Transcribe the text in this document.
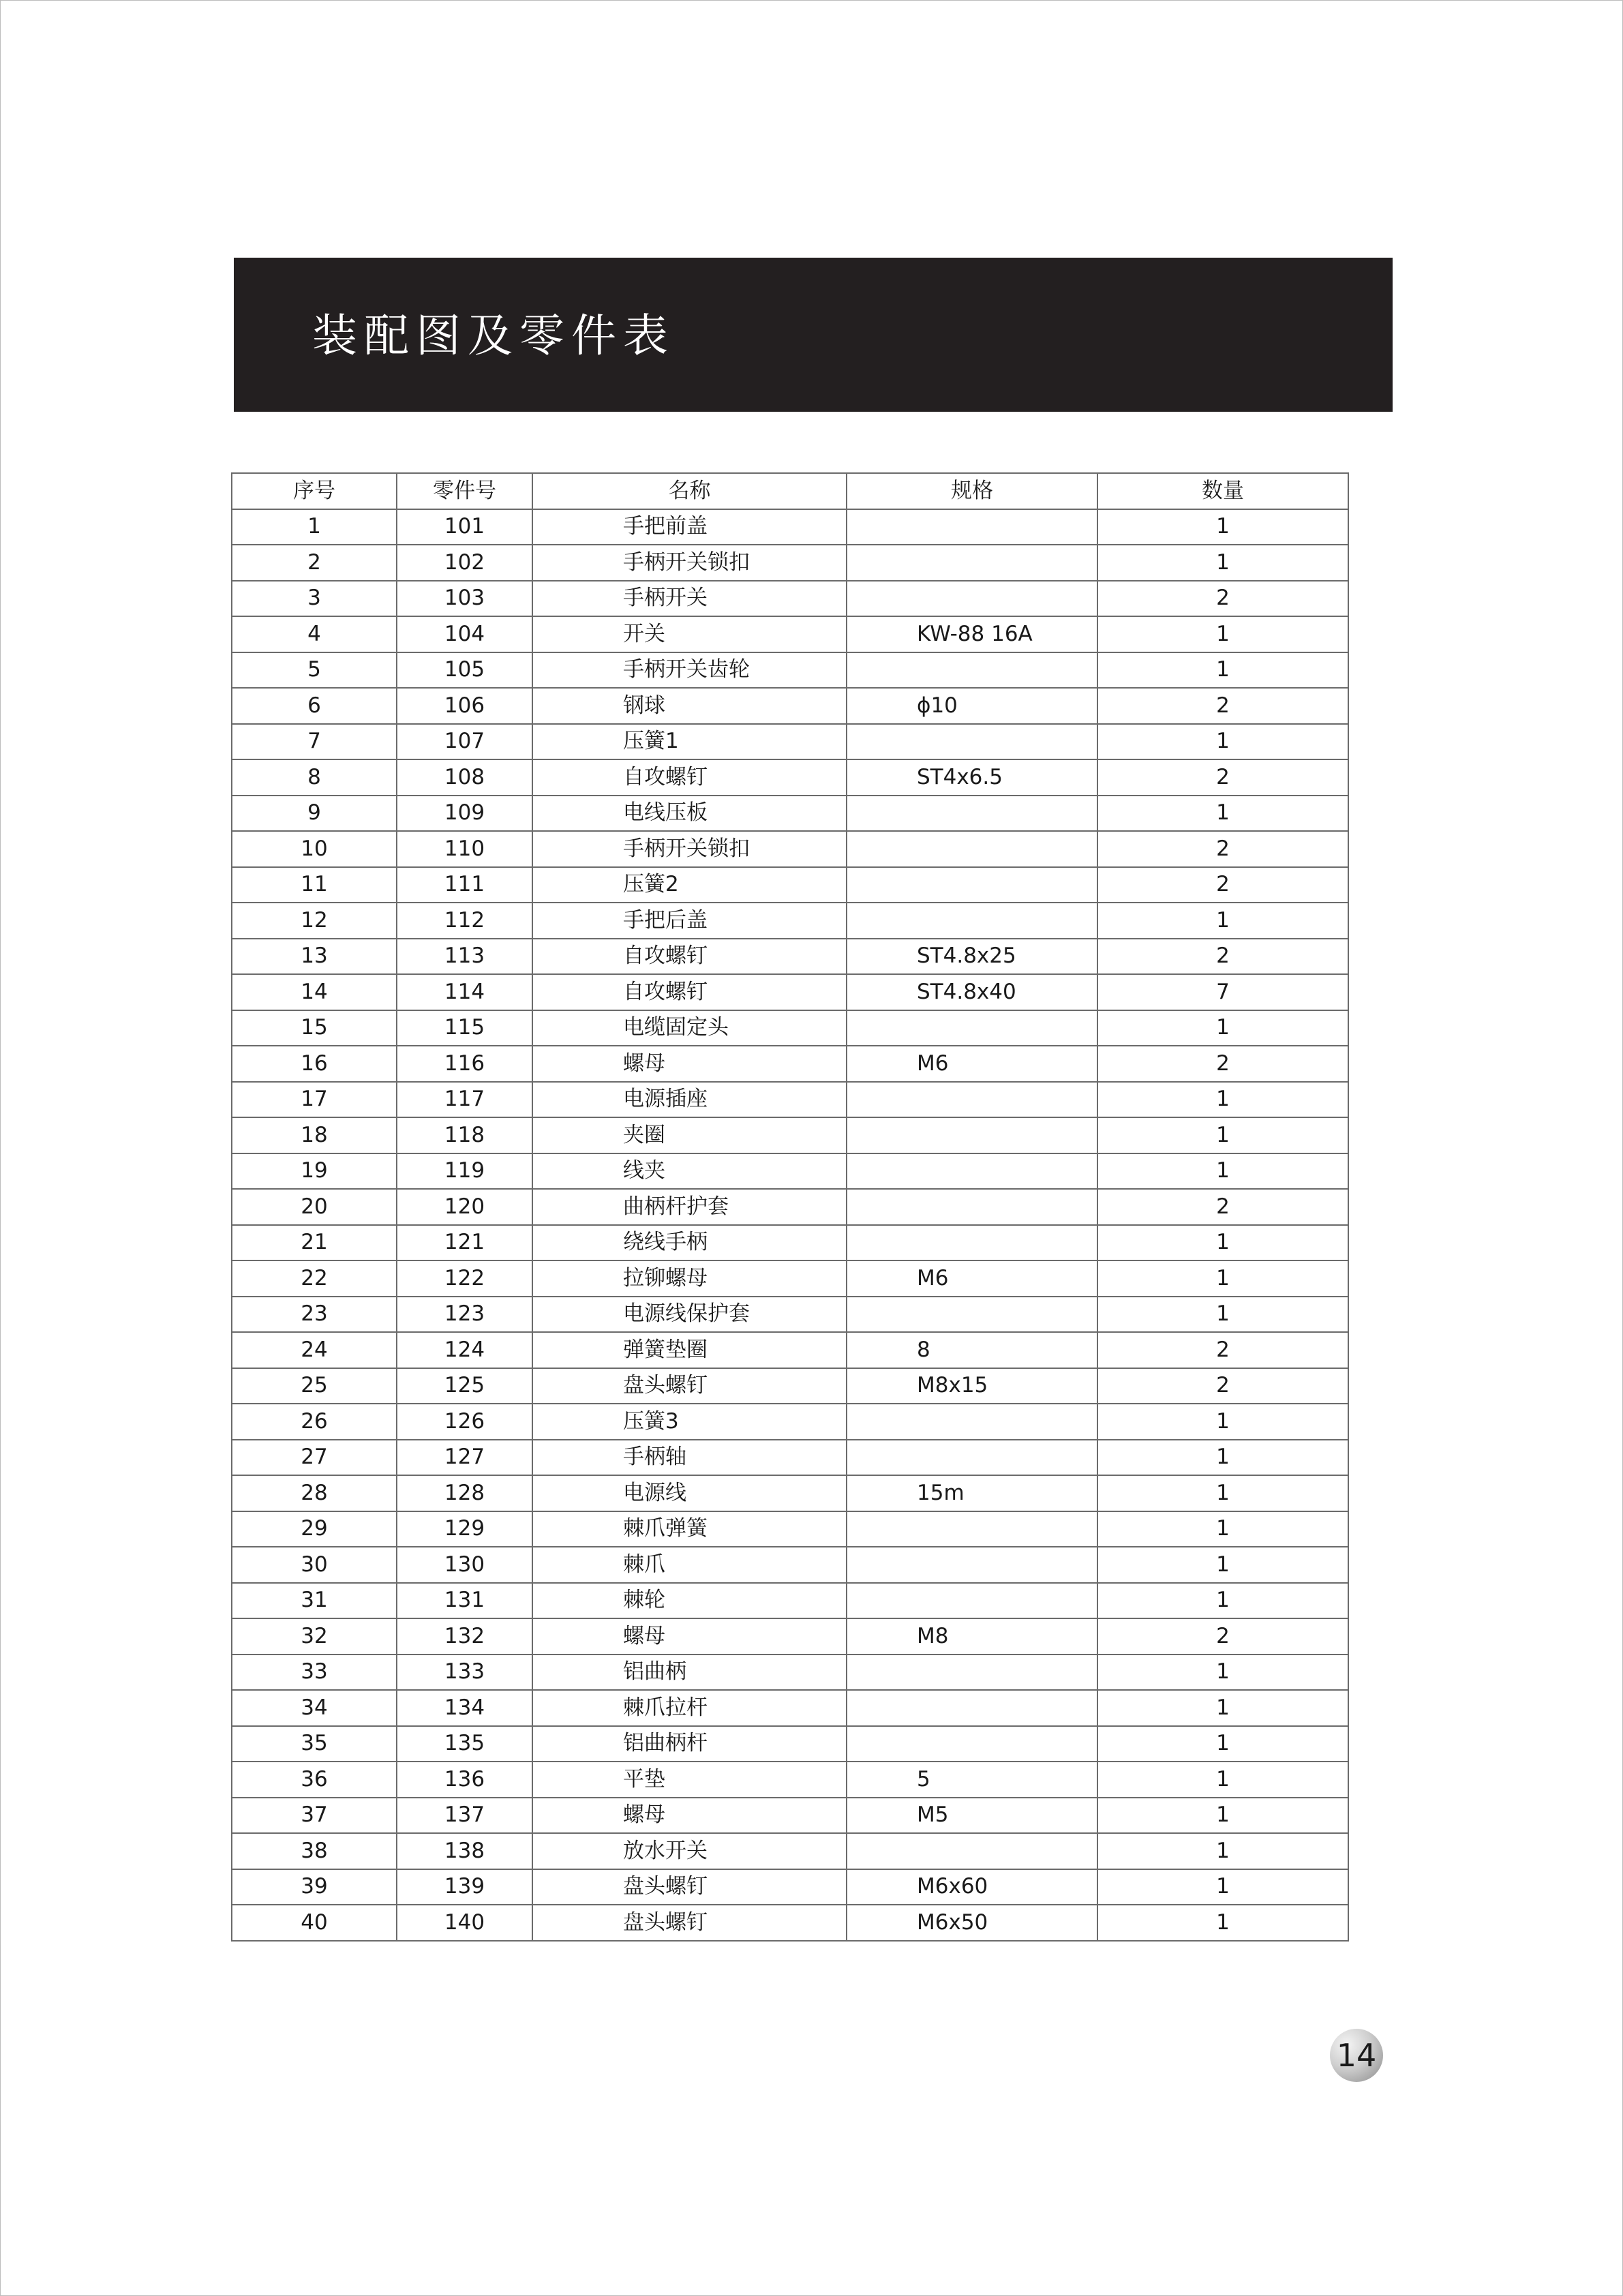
装配图及零件表
序号	零件号	名称	规格	数量
1	101	手把前盖		1
2	102	手柄开关锁扣		1
3	103	手柄开关		2
4	104	开关	KW-88 16A	1
5	105	手柄开关齿轮		1
6	106	钢球	ϕ10	2
7	107	压簧1		1
8	108	自攻螺钉	ST4x6.5	2
9	109	电线压板		1
10	110	手柄开关锁扣		2
11	111	压簧2		2
12	112	手把后盖		1
13	113	自攻螺钉	ST4.8x25	2
14	114	自攻螺钉	ST4.8x40	7
15	115	电缆固定头		1
16	116	螺母	M6	2
17	117	电源插座		1
18	118	夹圈		1
19	119	线夹		1
20	120	曲柄杆护套		2
21	121	绕线手柄		1
22	122	拉铆螺母	M6	1
23	123	电源线保护套		1
24	124	弹簧垫圈	8	2
25	125	盘头螺钉	M8x15	2
26	126	压簧3		1
27	127	手柄轴		1
28	128	电源线	15m	1
29	129	棘爪弹簧		1
30	130	棘爪		1
31	131	棘轮		1
32	132	螺母	M8	2
33	133	铝曲柄		1
34	134	棘爪拉杆		1
35	135	铝曲柄杆		1
36	136	平垫	5	1
37	137	螺母	M5	1
38	138	放水开关		1
39	139	盘头螺钉	M6x60	1
40	140	盘头螺钉	M6x50	1
14
